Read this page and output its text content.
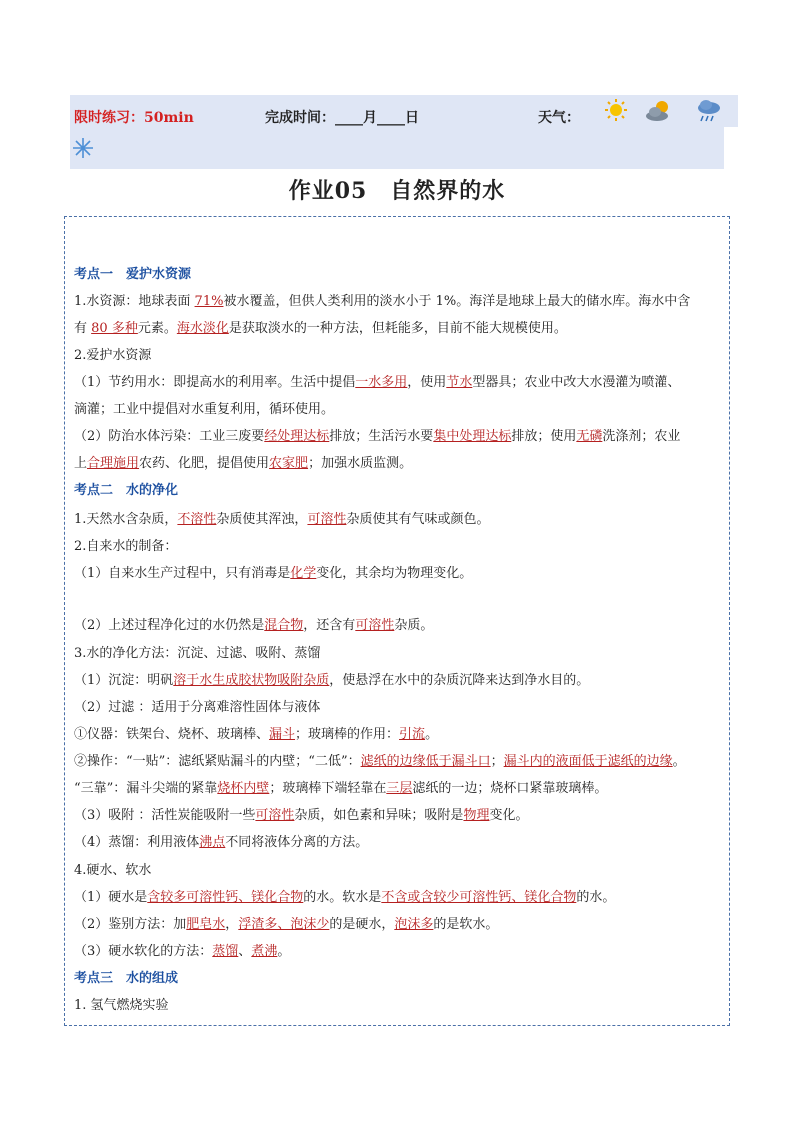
限时练习：50min	完成时间：____月____日	天气：
作业05　自然界的水
考点一　爱护水资源
1.水资源：地球表面 71%被水覆盖，但供人类利用的淡水小于 1%。海洋是地球上最大的储水库。海水中含
有 80 多种元素。海水淡化是获取淡水的一种方法，但耗能多，目前不能大规模使用。
2.爱护水资源
（1）节约用水：即提高水的利用率。生活中提倡一水多用，使用节水型器具；农业中改大水漫灌为喷灌、
滴灌；工业中提倡对水重复利用，循环使用。
（2）防治水体污染：工业三废要经处理达标排放；生活污水要集中处理达标排放；使用无磷洗涤剂；农业
上合理施用农药、化肥，提倡使用农家肥；加强水质监测。
考点二　水的净化
1.天然水含杂质，不溶性杂质使其浑浊，可溶性杂质使其有气味或颜色。
2.自来水的制备：
（1）自来水生产过程中，只有消毒是化学变化，其余均为物理变化。
（2）上述过程净化过的水仍然是混合物，还含有可溶性杂质。
3.水的净化方法：沉淀、过滤、吸附、蒸馏
（1）沉淀：明矾溶于水生成胶状物吸附杂质，使悬浮在水中的杂质沉降来达到净水目的。
（2）过滤 ：适用于分离难溶性固体与液体
①仪器：铁架台、烧杯、玻璃棒、漏斗；玻璃棒的作用：引流。
②操作：“一贴”：滤纸紧贴漏斗的内壁；“二低”：滤纸的边缘低于漏斗口；漏斗内的液面低于滤纸的边缘。
“三靠”：漏斗尖端的紧靠烧杯内壁；玻璃棒下端轻靠在三层滤纸的一边；烧杯口紧靠玻璃棒。
（3）吸附 ：活性炭能吸附一些可溶性杂质，如色素和异味；吸附是物理变化。
（4）蒸馏：利用液体沸点不同将液体分离的方法。
4.硬水、软水
（1）硬水是含较多可溶性钙、镁化合物的水。软水是不含或含较少可溶性钙、镁化合物的水。
（2）鉴别方法：加肥皂水，浮渣多、泡沫少的是硬水，泡沫多的是软水。
（3）硬水软化的方法：蒸馏、煮沸。
考点三　水的组成
1. 氢气燃烧实验
